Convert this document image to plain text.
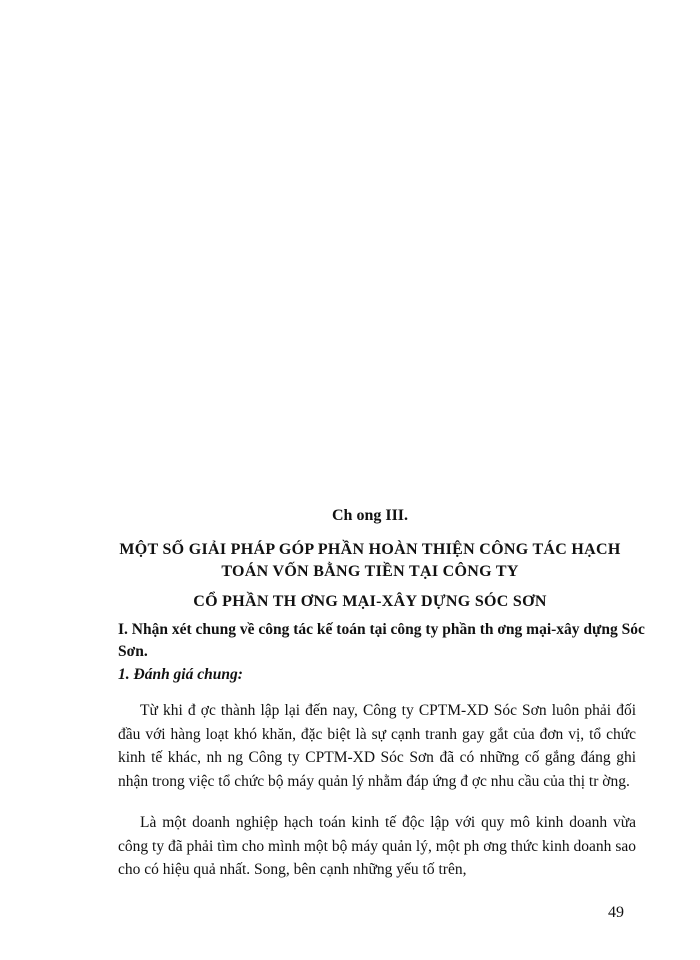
Ch ong III.
MỘT SỐ GIẢI PHÁP GÓP PHẦN HOÀN THIỆN CÔNG TÁC HẠCH
TOÁN VỐN BẰNG TIỀN TẠI CÔNG TY
CỔ PHẦN TH ƠNG MẠI-XÂY DỰNG SÓC SƠN
I. Nhận xét chung về công tác kế toán tại công ty phần th ơng mại-xây dựng Sóc Sơn.
1. Đánh giá chung:
Từ khi đ ợc thành lập lại đến nay, Công ty CPTM-XD Sóc Sơn luôn phải đối đầu với hàng loạt khó khăn, đặc biệt là sự cạnh tranh gay gắt của đơn vị, tổ chức kinh tế khác, nh ng Công ty CPTM-XD Sóc Sơn đã có những cố gắng đáng ghi nhận trong việc tổ chức bộ máy quản lý nhằm đáp ứng đ ợc nhu cầu của thị tr ờng.
Là một doanh nghiệp hạch toán kinh tế độc lập với quy mô kinh doanh vừa công ty đã phải tìm cho mình một bộ máy quản lý, một ph ơng thức kinh doanh sao cho có hiệu quả nhất. Song, bên cạnh những yếu tố trên,
49
